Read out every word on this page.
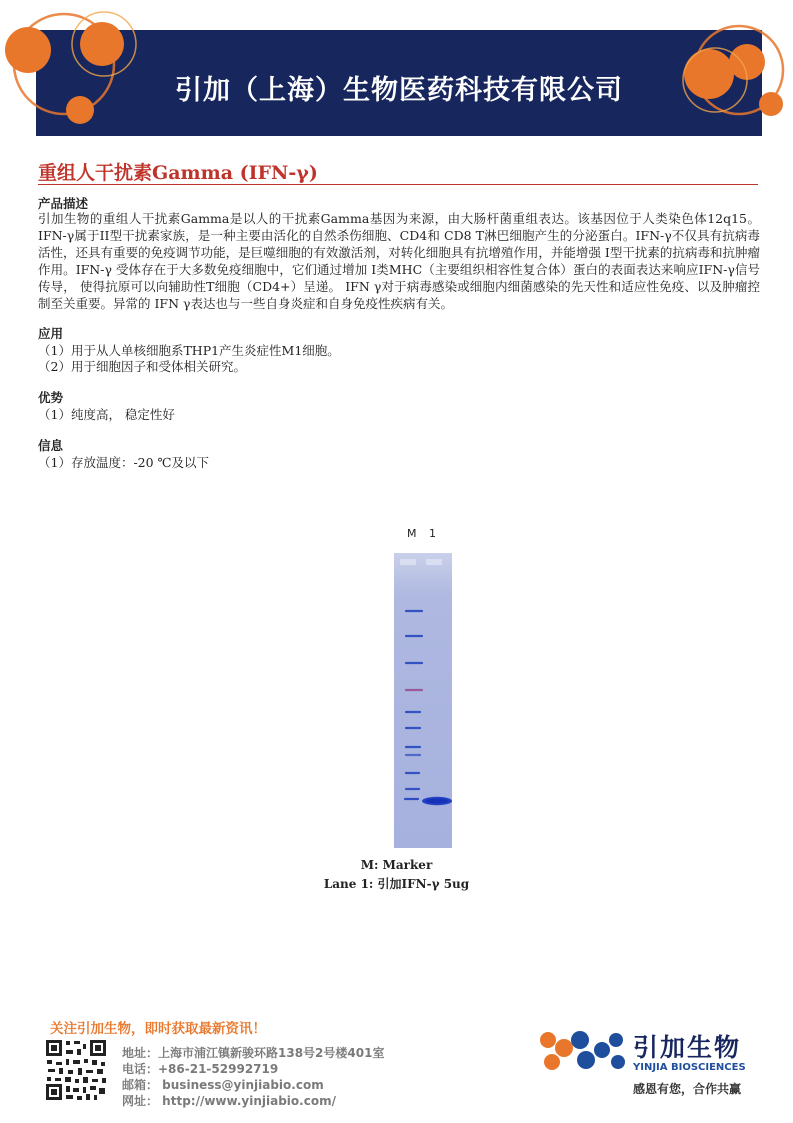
引加（上海）生物医药科技有限公司
重组人干扰素Gamma (IFN-γ)
产品描述

引加生物的重组人干扰素Gamma是以人的干扰素Gamma基因为来源，由大肠杆菌重组表达。该基因位于人类染色体12q15。IFN-γ属于II型干扰素家族，是一种主要由活化的自然杀伤细胞、CD4和 CD8 T淋巴细胞产生的分泌蛋白。IFN-γ不仅具有抗病毒活性，还具有重要的免疫调节功能，是巨噬细胞的有效激活剂，对转化细胞具有抗增殖作用，并能增强 I型干扰素的抗病毒和抗肿瘤作用。IFN-γ 受体存在于大多数免疫细胞中，它们通过增加 I类MHC（主要组织相容性复合体）蛋白的表面表达来响应IFN-γ信号传导， 使得抗原可以向辅助性T细胞（CD4+）呈递。 IFN γ对于病毒感染或细胞内细菌感染的先天性和适应性免疫、以及肿瘤控制至关重要。异常的 IFN γ表达也与一些自身炎症和自身免疫性疾病有关。

应用
（1）用于从人单核细胞系THP1产生炎症性M1细胞。
（2）用于细胞因子和受体相关研究。
优势
（1）纯度高， 稳定性好
信息
（1）存放温度：-20 ℃及以下
M 1
M: Marker
Lane 1: 引加IFN-γ 5ug
关注引加生物，即时获取最新资讯！
地址：上海市浦江镇新骏环路138号2号楼401室
电话：+86-21-52992719
邮箱： business@yinjiabio.com
网址： http://www.yinjiabio.com/
引加生物
YINJIA BIOSCIENCES
感恩有您，合作共赢
